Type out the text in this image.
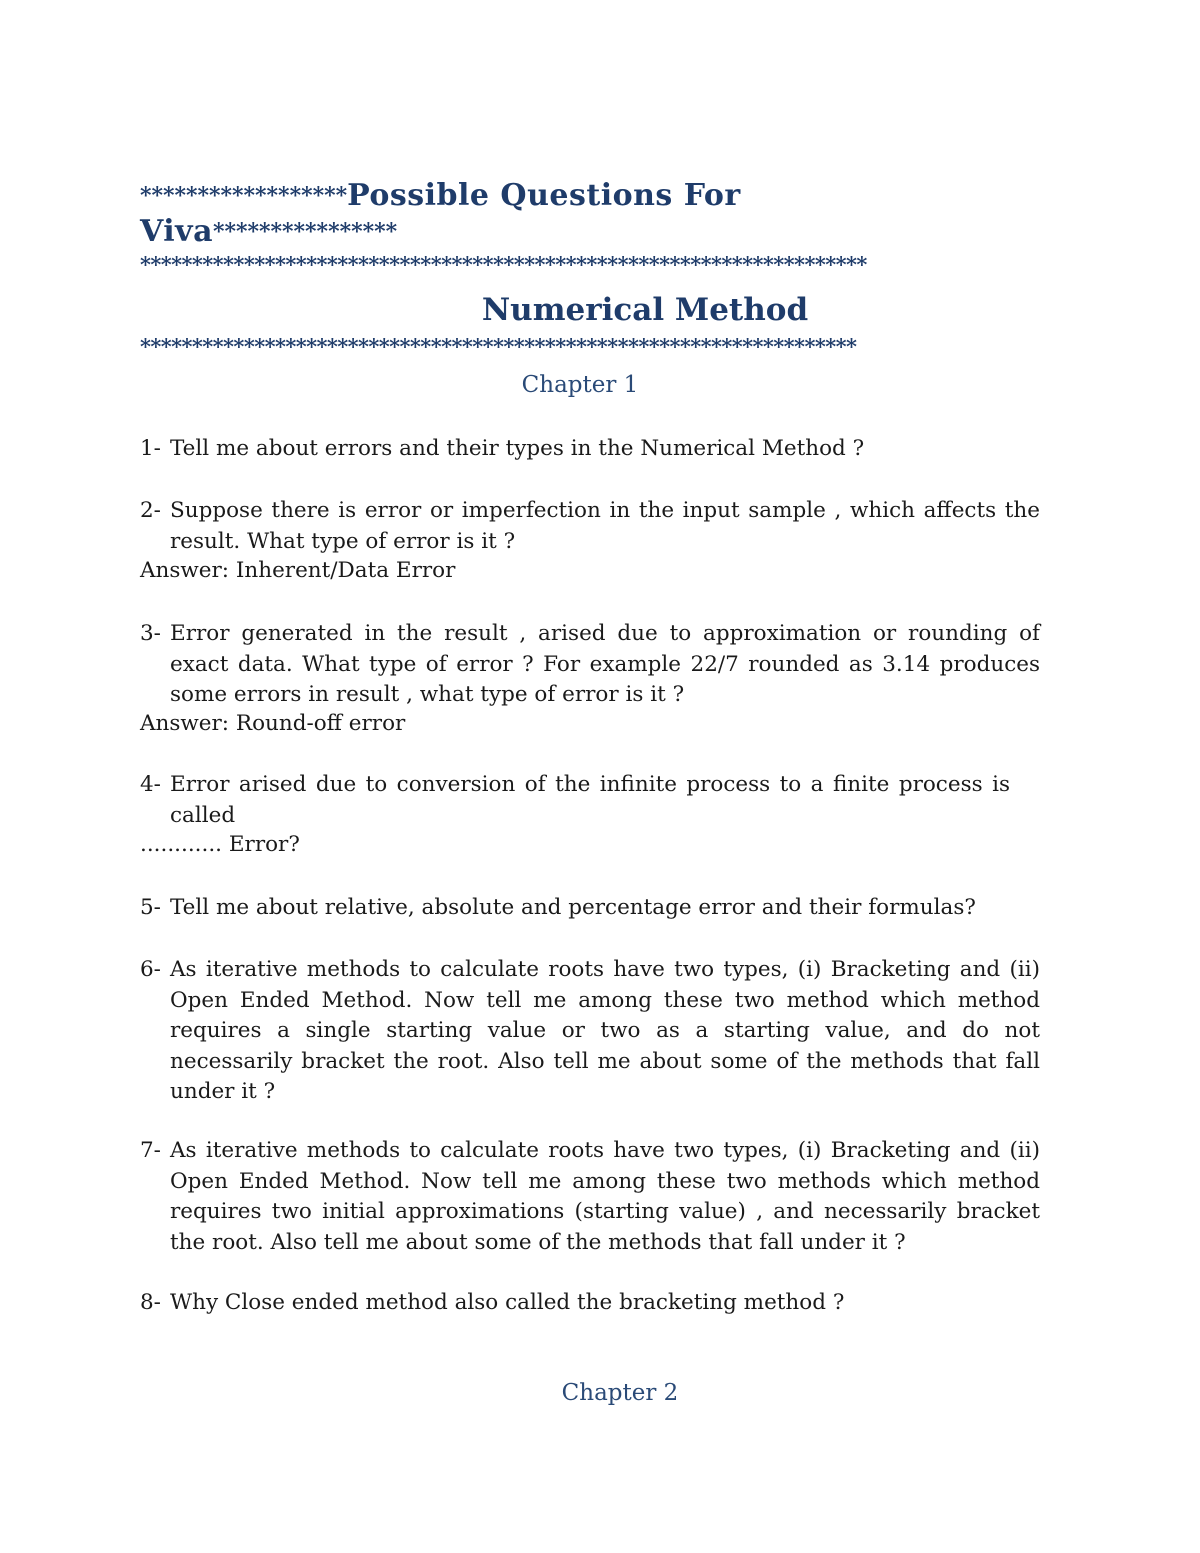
******************Possible Questions For
Viva****************
**********************************************************************
Numerical Method
*********************************************************************
Chapter 1
1- Tell me about errors and their types in the Numerical Method ?
2- Suppose there is error or imperfection in the input sample , which affects the result. What type of error is it ?
Answer: Inherent/Data Error
3- Error generated in the result , arised due to approximation or rounding of exact data. What type of error ? For example 22/7 rounded as 3.14 produces some errors in result , what type of error is it ?
Answer: Round-off error
4- Error arised due to conversion of the infinite process to a finite process is called
............ Error?
5- Tell me about relative, absolute and percentage error and their formulas?
6- As iterative methods to calculate roots have two types, (i) Bracketing and (ii) Open Ended Method. Now tell me among these two method which method requires a single starting value or two as a starting value, and do not necessarily bracket the root. Also tell me about some of the methods that fall under it ?
7- As iterative methods to calculate roots have two types, (i) Bracketing and (ii) Open Ended Method. Now tell me among these two methods which method requires two initial approximations (starting value) , and necessarily bracket the root. Also tell me about some of the methods that fall under it ?
8- Why Close ended method also called the bracketing method ?
Chapter 2
